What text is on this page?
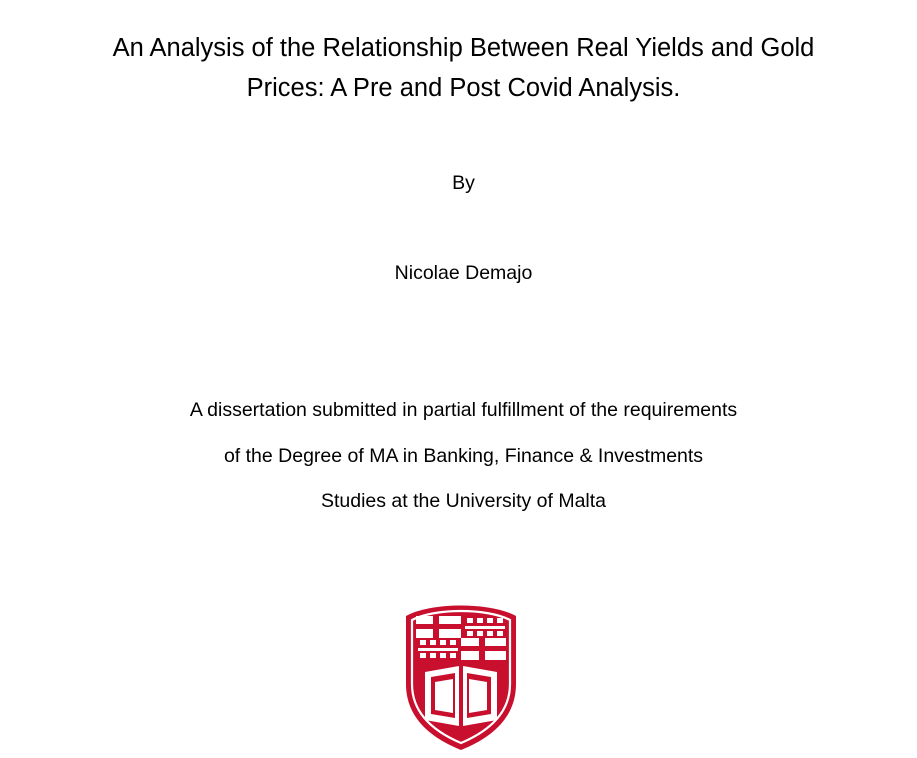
An Analysis of the Relationship Between Real Yields and Gold
Prices: A Pre and Post Covid Analysis.
By
Nicolae Demajo
A dissertation submitted in partial fulfillment of the requirements
of the Degree of MA in Banking, Finance & Investments
Studies at the University of Malta
